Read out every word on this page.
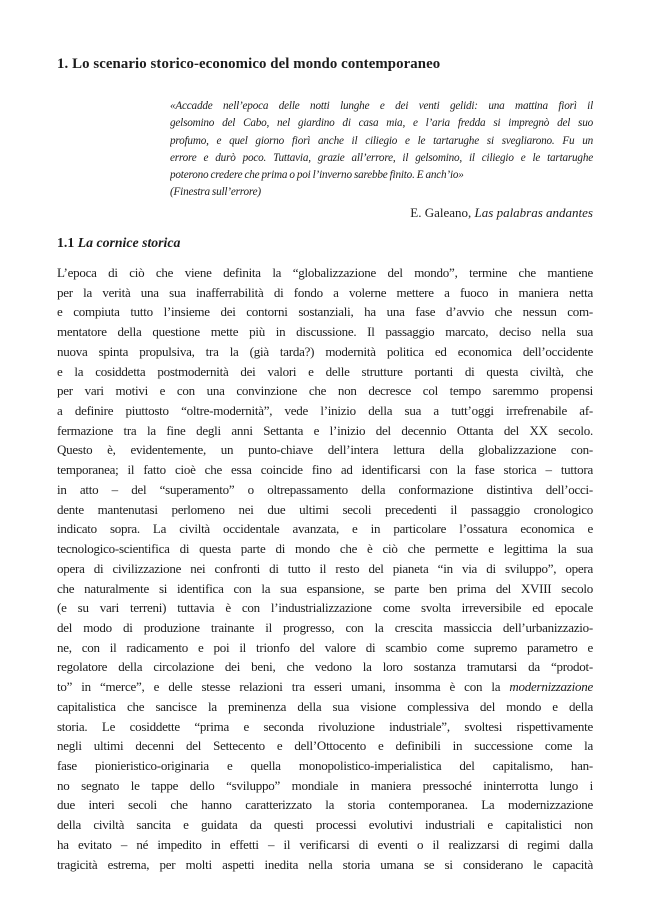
1. Lo scenario storico-economico del mondo contemporaneo
«Accadde nell’epoca delle notti lunghe e dei venti gelidi: una mattina fiorì il
gelsomino del Cabo, nel giardino di casa mia, e l’aria fredda si impregnò del suo
profumo, e quel giorno fiorì anche il ciliegio e le tartarughe si svegliarono. Fu un
errore e durò poco. Tuttavia, grazie all’errore, il gelsomino, il ciliegio e le tartarughe
poterono credere che prima o poi l’inverno sarebbe finito. E anch’io»
(Finestra sull’errore)
E. Galeano, Las palabras andantes
1.1 La cornice storica
L’epoca di ciò che viene definita la “globalizzazione del mondo”, termine che mantiene
per la verità una sua inafferrabilità di fondo a volerne mettere a fuoco in maniera netta
e compiuta tutto l’insieme dei contorni sostanziali, ha una fase d’avvio che nessun com-
mentatore della questione mette più in discussione. Il passaggio marcato, deciso nella sua
nuova spinta propulsiva, tra la (già tarda?) modernità politica ed economica dell’occidente
e la cosiddetta postmodernità dei valori e delle strutture portanti di questa civiltà, che
per vari motivi e con una convinzione che non decresce col tempo saremmo propensi
a definire piuttosto “oltre-modernità”, vede l’inizio della sua a tutt’oggi irrefrenabile af-
fermazione tra la fine degli anni Settanta e l’inizio del decennio Ottanta del XX secolo.
Questo è, evidentemente, un punto-chiave dell’intera lettura della globalizzazione con-
temporanea; il fatto cioè che essa coincide fino ad identificarsi con la fase storica – tuttora
in atto – del “superamento” o oltrepassamento della conformazione distintiva dell’occi-
dente mantenutasi perlomeno nei due ultimi secoli precedenti il passaggio cronologico
indicato sopra. La civiltà occidentale avanzata, e in particolare l’ossatura economica e
tecnologico-scientifica di questa parte di mondo che è ciò che permette e legittima la sua
opera di civilizzazione nei confronti di tutto il resto del pianeta “in via di sviluppo”, opera
che naturalmente si identifica con la sua espansione, se parte ben prima del XVIII secolo
(e su vari terreni) tuttavia è con l’industrializzazione come svolta irreversibile ed epocale
del modo di produzione trainante il progresso, con la crescita massiccia dell’urbanizzazio-
ne, con il radicamento e poi il trionfo del valore di scambio come supremo parametro e
regolatore della circolazione dei beni, che vedono la loro sostanza tramutarsi da “prodot-
to” in “merce”, e delle stesse relazioni tra esseri umani, insomma è con la modernizzazione
capitalistica che sancisce la preminenza della sua visione complessiva del mondo e della
storia. Le cosiddette “prima e seconda rivoluzione industriale”, svoltesi rispettivamente
negli ultimi decenni del Settecento e dell’Ottocento e definibili in successione come la
fase pionieristico-originaria e quella monopolistico-imperialistica del capitalismo, han-
no segnato le tappe dello “sviluppo” mondiale in maniera pressoché ininterrotta lungo i
due interi secoli che hanno caratterizzato la storia contemporanea. La modernizzazione
della civiltà sancita e guidata da questi processi evolutivi industriali e capitalistici non
ha evitato – né impedito in effetti – il verificarsi di eventi o il realizzarsi di regimi dalla
tragicità estrema, per molti aspetti inedita nella storia umana se si considerano le capacità
